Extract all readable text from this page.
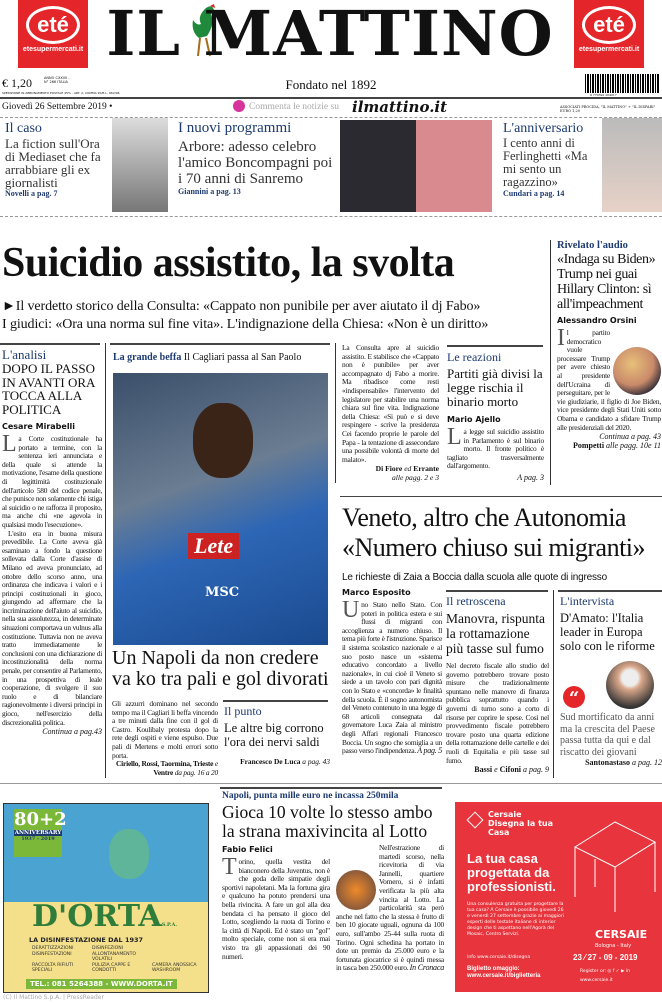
eté
etesupermercati.it
eté
etesupermercati.it
IL MATTINO
€ 1,20	ANNO CXXVII - N° 266 ITALIA
SPEDIZIONE IN ABBONAMENTO POSTALE 45% - ART. 2, COMMA 20/B L. 662/96
Fondato nel 1892
9 770392 284017
Giovedì 26 Settembre 2019 •	Commenta le notizie su ilmattino.it	ASSOCIATI PROCIDA, "IL MATTINO" + "IL DISPARI" EURO 1,20
Il caso
La fiction sull'Ora di Mediaset che fa arrabbiare gli ex giornalisti
Novelli a pag. 7
I nuovi programmi
Arbore: adesso celebro l'amico Boncompagni poi i 70 anni di Sanremo
Giannini a pag. 13
L'anniversario
I cento anni di Ferlinghetti «Ma mi sento un ragazzino»
Cundari a pag. 14
Suicidio assistito, la svolta
►Il verdetto storico della Consulta: «Cappato non punibile per aver aiutato il dj Fabo»
I giudici: «Ora una norma sul fine vita». L'indignazione della Chiesa: «Non è un diritto»
Rivelato l'audio
«Indaga su Biden» Trump nei guai Hillary Clinton: sì all'impeachment
Alessandro Orsini
Il partito democratico vuole processare Trump per avere chiesto al presidente dell'Ucraina di perseguitare, per le vie giudiziarie, il figlio di Joe Biden, vice presidente degli Stati Uniti sotto Obama e candidato a sfidare Trump alle presidenziali del 2020.
Continua a pag. 43
Pompetti alle pagg. 10e 11
L'analisi
DOPO IL PASSO IN AVANTI ORA TOCCA ALLA POLITICA
Cesare Mirabelli
La Corte costituzionale ha portato a termine, con la sentenza ieri annunciata e della quale si attende la motivazione, l'esame della questione di legittimità costituzionale dell'articolo 580 del codice penale, che punisce non solamente chi istiga al suicidio o ne rafforza il proposito, ma anche chi «ne agevola in qualsiasi modo l'esecuzione».
L'esito era in buona misura prevedibile. La Corte aveva già esaminato a fondo la questione sollevata dalla Corte d'assise di Milano ed aveva pronunciato, ad ottobre dello scorso anno, una ordinanza che indicava i valori e i principi costituzionali in gioco, giungendo ad affermare che la incriminazione dell'aiuto al suicidio, nella sua assolutezza, in determinate situazioni comportava un vulnus alla costituzione. Tuttavia non ne aveva tratto immediatamente le conclusioni con una dichiarazione di incostituzionalità della norma penale, per consentire al Parlamento, in una prospettiva di leale cooperazione, di svolgere il suo ruolo e di bilanciare ragionevolmente i diversi principi in gioco, nell'esercizio della discrezionalità politica.
Continua a pag.43
La grande beffa Il Cagliari passa al San Paolo
Lete
MSC
Un Napoli da non credere va ko tra pali e gol divorati
Gli azzurri dominano nel secondo tempo ma il Cagliari li beffa vincendo a tre minuti dalla fine con il gol di Castro. Koulibaly protesta dopo la rete degli ospiti e viene espulso. Due pali di Mertens e molti errori sotto porta.
Ciriello, Rossi, Taormina, Trieste e Ventre da pag. 16 a 20
Il punto
Le altre big corrono l'ora dei nervi saldi
Francesco De Luca a pag. 43
La Consulta apre al suicidio assistito. E stabilisce che «Cappato non è punibile» per aver accompagnato dj Fabo a morire. Ma ribadisce come resti «indispensabile» l'intervento del legislatore per stabilire una norma chiara sul fine vita. Indignazione della Chiesa: «Si può e si deve respingere - scrive la presidenza Cei facendo proprie le parole del Papa - la tentazione di assecondare una possibile volontà di morte del malato».
Di Fiore ed Errante
alle pagg. 2 e 3
Le reazioni
Partiti già divisi la legge rischia il binario morto
Mario Ajello
La legge sul suicidio assistito in Parlamento è sul binario morto. Il fronte politico è tagliato trasversalmente dall'argomento.
A pag. 3
Veneto, altro che Autonomia
«Numero chiuso sui migranti»
Le richieste di Zaia a Boccia dalla scuola alle quote di ingresso
Marco Esposito
Uno Stato nello Stato. Con poteri in politica estera e sui flussi di migranti con accoglienza a numero chiuso. Il tema più forte è l'istruzione. Sparisce il sistema scolastico nazionale e al suo posto nasce un «sistema educativo concordato a livello nazionale», in cui cioè il Veneto si siede a un tavolo con pari dignità con lo Stato e «concorda» le finalità della scuola. È il sogno autonomista del Veneto contenuto in una legge di 68 articoli consegnata dal governatore Luca Zaia al ministro degli Affari regionali Francesco Boccia. Un sogno che somiglia a un passo verso l'indipendenza. A pag. 5
Il retroscena
Manovra, rispunta la rottamazione più tasse sul fumo
Nel decreto fiscale allo studio del governo potrebbero trovare posto misure che tradizionalmente spuntano nelle manovre di finanza pubblica soprattutto quando i governi di turno sono a corto di risorse per coprire le spese. Così nel provvedimento fiscale potrebbero trovare posto una quarta edizione della rottamazione delle cartelle e dei ruoli di Equitalia e più tasse sul fumo.
Bassi e Cifoni a pag. 9
L'intervista
D'Amato: l'Italia leader in Europa solo con le riforme
“
Sud mortificato da anni ma la crescita del Paese passa tutta da qui e dal riscatto dei giovani
Santonastaso a pag. 12
80+2
ANNIVERSARY
1937 - 2019
D'ORTAS.P.A.
LA DISINFESTAZIONE DAL 1937
DERATTIZZAZIONI	DISINFEZIONI
DISINFESTAZIONI	ALLONTANAMENTO VOLATILI
RACCOLTA RIFIUTI SPECIALI
PULIZIA CAPPE E CONDOTTI
CAMERA ANOSSICA WASHROOM
TEL.: 081 5264388 - WWW.DORTA.IT
(C) Il Mattino S.p.A. | PressReader
Napoli, punta mille euro ne incassa 250mila
Gioca 10 volte lo stesso ambo la strana maxivincita al Lotto
Fabio Felici
Torino, quella vestita del bianconero della Juventus, non è che goda delle simpatie degli sportivi napoletani. Ma la fortuna gira e qualcuno ha potuto prendersi una bella rivincita. A fare un gol alla dea bendata ci ha pensato il gioco del Lotto, scegliendo la ruota di Torino e la città di Napoli. Ed è stato un "gol" molto speciale, come non si era mai visto tra gli appassionati dei 90 numeri.
Nell'estrazione di martedì scorso, nella ricevitoria di via Jannelli, quartiere Vomero, si è infatti verificata la più alta vincita al Lotto. La particolarità sta però anche nel fatto che la stessa è frutto di ben 10 giocate uguali, ognuna da 100 euro, sull'ambo 25-44 sulla ruota di Torino. Ogni schedina ha portato in dote un premio da 25.000 euro e la fortunata giocatrice si è quindi messa in tasca ben 250.000 euro. In Cronaca
Cersaie Disegna la tua Casa
La tua casa progettata da professionisti.
Una consulenza gratuita per progettare la tua casa? A Cersaie è possibile giovedì 26 e venerdì 27 settembre grazie ai maggiori esperti delle testate italiane di interior design che ti aspettano nell'Agorà del Mosaic, Centro Servizi.
Info www.cersaie.it/disegna
Biglietto omaggio: www.cersaie.it/biglietteria
CERSAIE
Bologna - Italy
23 ⁄ 27 - 09 - 2019
Register or: ◎ f ✓ ▶ in
www.cersaie.it
